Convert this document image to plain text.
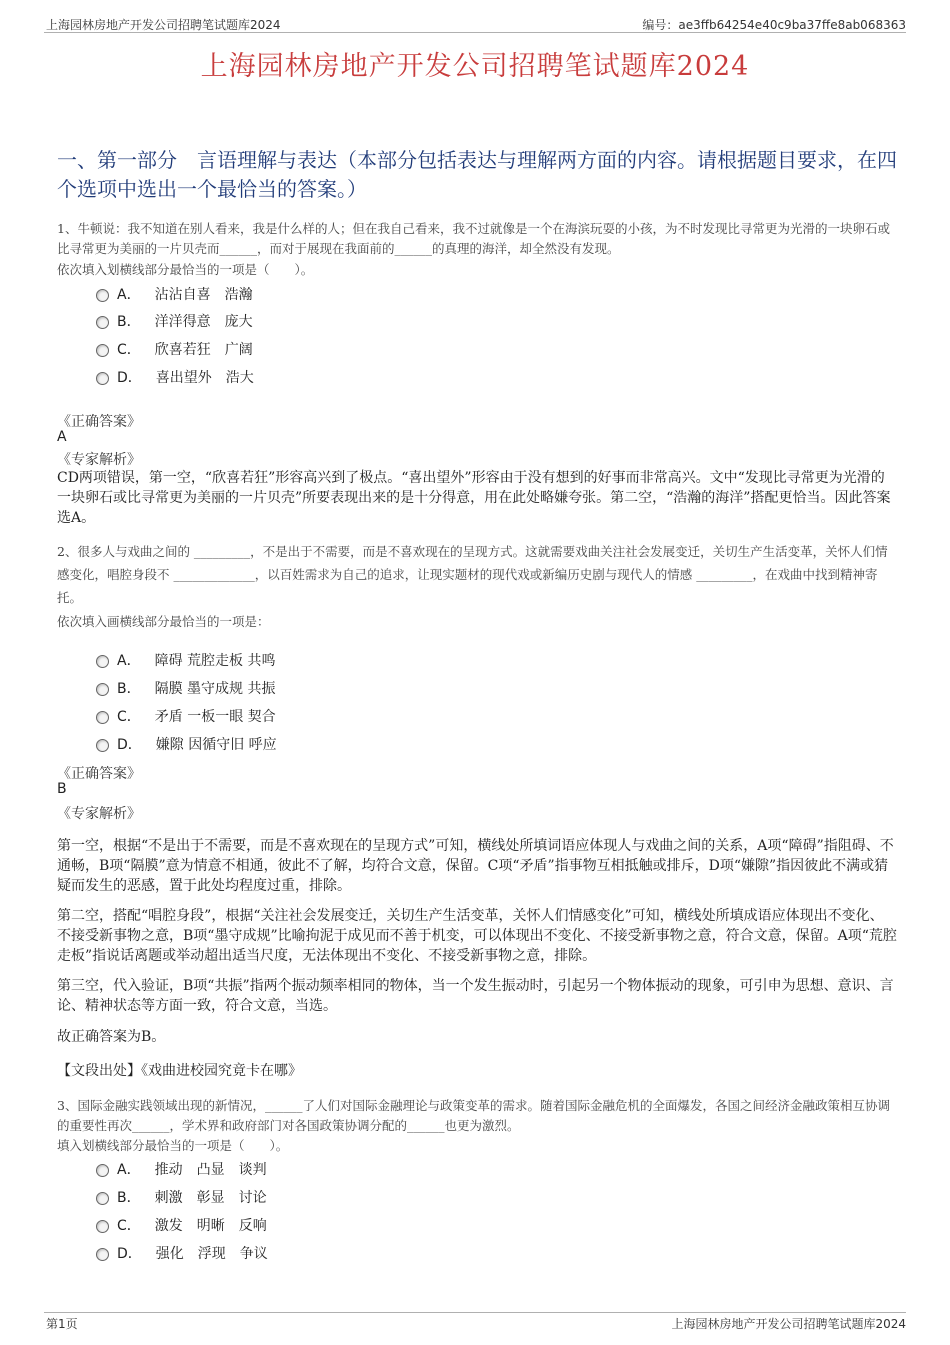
上海园林房地产开发公司招聘笔试题库2024	编号：ae3ffb64254e40c9ba37ffe8ab068363
上海园林房地产开发公司招聘笔试题库2024
一、第一部分　言语理解与表达（本部分包括表达与理解两方面的内容。请根据题目要求，在四个选项中选出一个最恰当的答案。）
1、牛顿说：我不知道在别人看来，我是什么样的人；但在我自己看来，我不过就像是一个在海滨玩耍的小孩，为不时发现比寻常更为光滑的一块卵石或比寻常更为美丽的一片贝壳而______，而对于展现在我面前的______的真理的海洋，却全然没有发现。
依次填入划横线部分最恰当的一项是（　　）。
A． 沾沾自喜　浩瀚
B． 洋洋得意　庞大
C． 欣喜若狂　广阔
D． 喜出望外　浩大
《正确答案》
A
《专家解析》
CD两项错误，第一空，“欣喜若狂”形容高兴到了极点。“喜出望外”形容由于没有想到的好事而非常高兴。文中“发现比寻常更为光滑的一块卵石或比寻常更为美丽的一片贝壳”所要表现出来的是十分得意，用在此处略嫌夸张。第二空，“浩瀚的海洋”搭配更恰当。因此答案选A。
2、很多人与戏曲之间的 _________，不是出于不需要，而是不喜欢现在的呈现方式。这就需要戏曲关注社会发展变迁，关切生产生活变革，关怀人们情感变化，唱腔身段不 _____________，以百姓需求为自己的追求，让现实题材的现代戏或新编历史剧与现代人的情感 _________，在戏曲中找到精神寄托。
依次填入画横线部分最恰当的一项是：
A． 障碍 荒腔走板 共鸣
B． 隔膜 墨守成规 共振
C． 矛盾 一板一眼 契合
D． 嫌隙 因循守旧 呼应
《正确答案》
B
《专家解析》
第一空，根据“不是出于不需要，而是不喜欢现在的呈现方式”可知，横线处所填词语应体现人与戏曲之间的关系，A项“障碍”指阻碍、不通畅，B项“隔膜”意为情意不相通，彼此不了解，均符合文意，保留。C项“矛盾”指事物互相抵触或排斥，D项“嫌隙”指因彼此不满或猜疑而发生的恶感，置于此处均程度过重，排除。
第二空，搭配“唱腔身段”，根据“关注社会发展变迁，关切生产生活变革，关怀人们情感变化”可知，横线处所填成语应体现出不变化、不接受新事物之意，B项“墨守成规”比喻拘泥于成见而不善于机变，可以体现出不变化、不接受新事物之意，符合文意，保留。A项“荒腔走板”指说话离题或举动超出适当尺度，无法体现出不变化、不接受新事物之意，排除。
第三空，代入验证，B项“共振”指两个振动频率相同的物体，当一个发生振动时，引起另一个物体振动的现象，可引申为思想、意识、言论、精神状态等方面一致，符合文意，当选。
故正确答案为B。
【文段出处】《戏曲进校园究竟卡在哪》
3、国际金融实践领域出现的新情况，______了人们对国际金融理论与政策变革的需求。随着国际金融危机的全面爆发，各国之间经济金融政策相互协调的重要性再次______，学术界和政府部门对各国政策协调分配的______也更为激烈。
填入划横线部分最恰当的一项是（　　）。
A． 推动　凸显　谈判
B． 刺激　彰显　讨论
C． 激发　明晰　反响
D． 强化　浮现　争议
第1页	上海园林房地产开发公司招聘笔试题库2024
